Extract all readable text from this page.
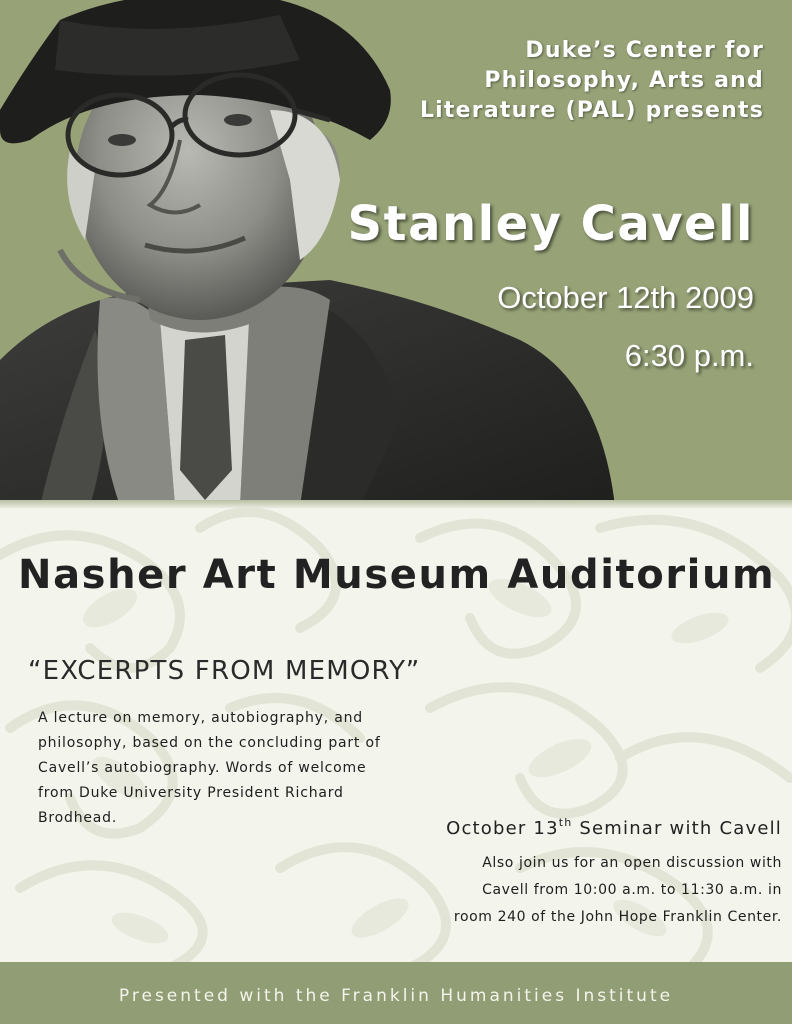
Duke’s Center for
Philosophy, Arts and
Literature (PAL) presents
Stanley Cavell
October 12th 2009
6:30 p.m.
Nasher Art Museum Auditorium
“EXCERPTS FROM MEMORY”
A lecture on memory, autobiography, and
philosophy, based on the concluding part of
Cavell’s autobiography. Words of welcome
from Duke University President Richard
Brodhead.	October 13th Seminar with Cavell
Also join us for an open discussion with
Cavell from 10:00 a.m. to 11:30 a.m. in
room 240 of the John Hope Franklin Center.
Presented with the Franklin Humanities Institute
